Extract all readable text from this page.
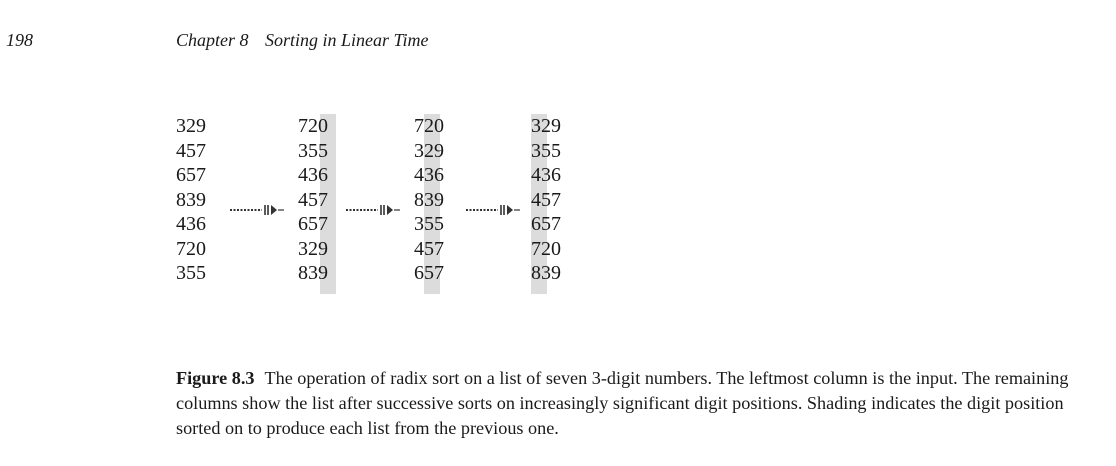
198	Chapter 8 Sorting in Linear Time
329
457
657
839
436
720
355
720
355
436
457
657
329
839
720
329
436
839
355
457
657
329
355
436
457
657
720
839
Figure 8.3 The operation of radix sort on a list of seven 3-digit numbers. The leftmost column is the input. The remaining columns show the list after successive sorts on increasingly significant digit positions. Shading indicates the digit position sorted on to produce each list from the previous one.
